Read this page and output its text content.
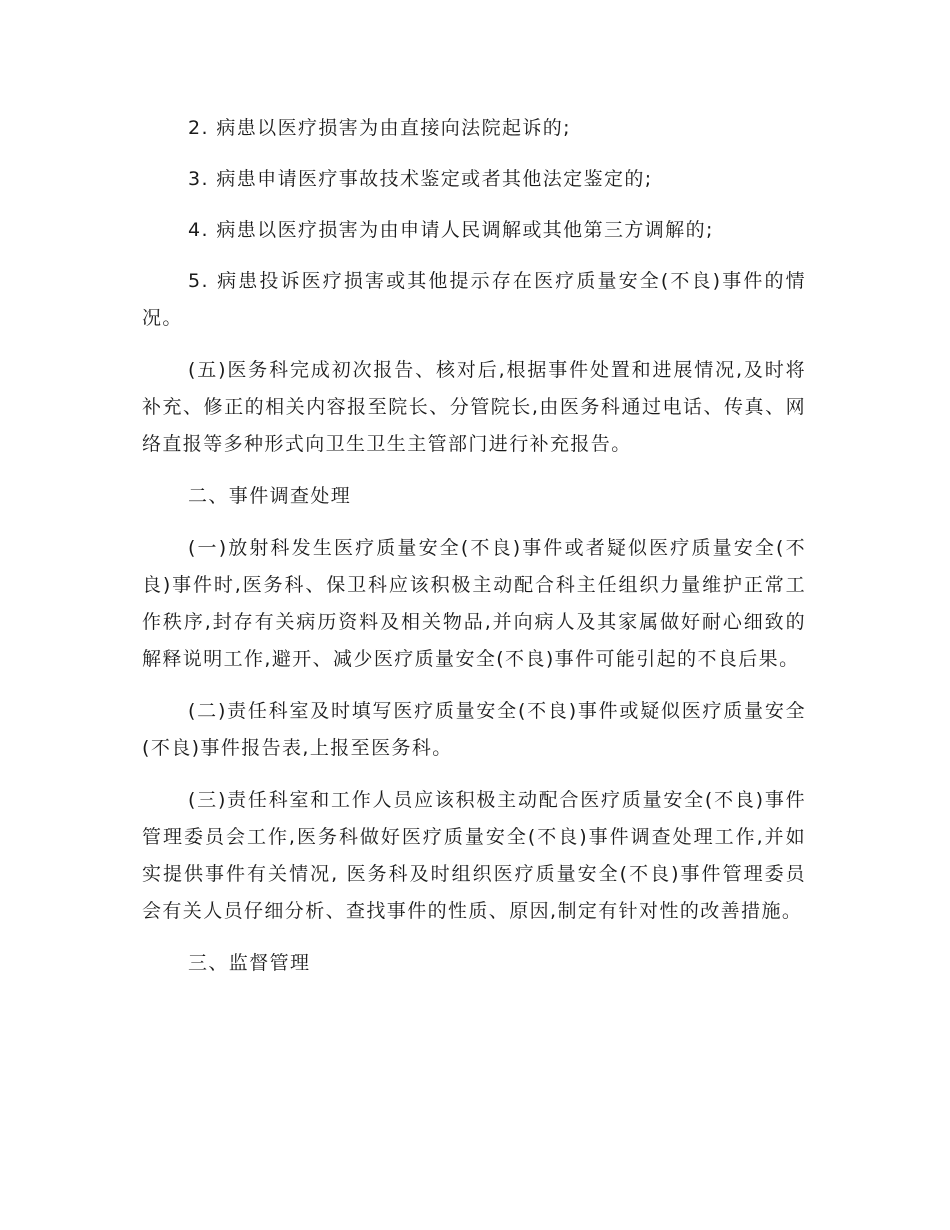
2. 病患以医疗损害为由直接向法院起诉的;

3. 病患申请医疗事故技术鉴定或者其他法定鉴定的;

4. 病患以医疗损害为由申请人民调解或其他第三方调解的;

5. 病患投诉医疗损害或其他提示存在医疗质量安全(不良)事件的情况。

(五)医务科完成初次报告、核对后,根据事件处置和进展情况,及时将补充、修正的相关内容报至院长、分管院长,由医务科通过电话、传真、网络直报等多种形式向卫生卫生主管部门进行补充报告。

二、事件调查处理

(一)放射科发生医疗质量安全(不良)事件或者疑似医疗质量安全(不良)事件时,医务科、保卫科应该积极主动配合科主任组织力量维护正常工作秩序,封存有关病历资料及相关物品,并向病人及其家属做好耐心细致的解释说明工作,避开、减少医疗质量安全(不良)事件可能引起的不良后果。

(二)责任科室及时填写医疗质量安全(不良)事件或疑似医疗质量安全(不良)事件报告表,上报至医务科。

(三)责任科室和工作人员应该积极主动配合医疗质量安全(不良)事件管理委员会工作,医务科做好医疗质量安全(不良)事件调查处理工作,并如实提供事件有关情况, 医务科及时组织医疗质量安全(不良)事件管理委员会有关人员仔细分析、查找事件的性质、原因,制定有针对性的改善措施。

三、监督管理
